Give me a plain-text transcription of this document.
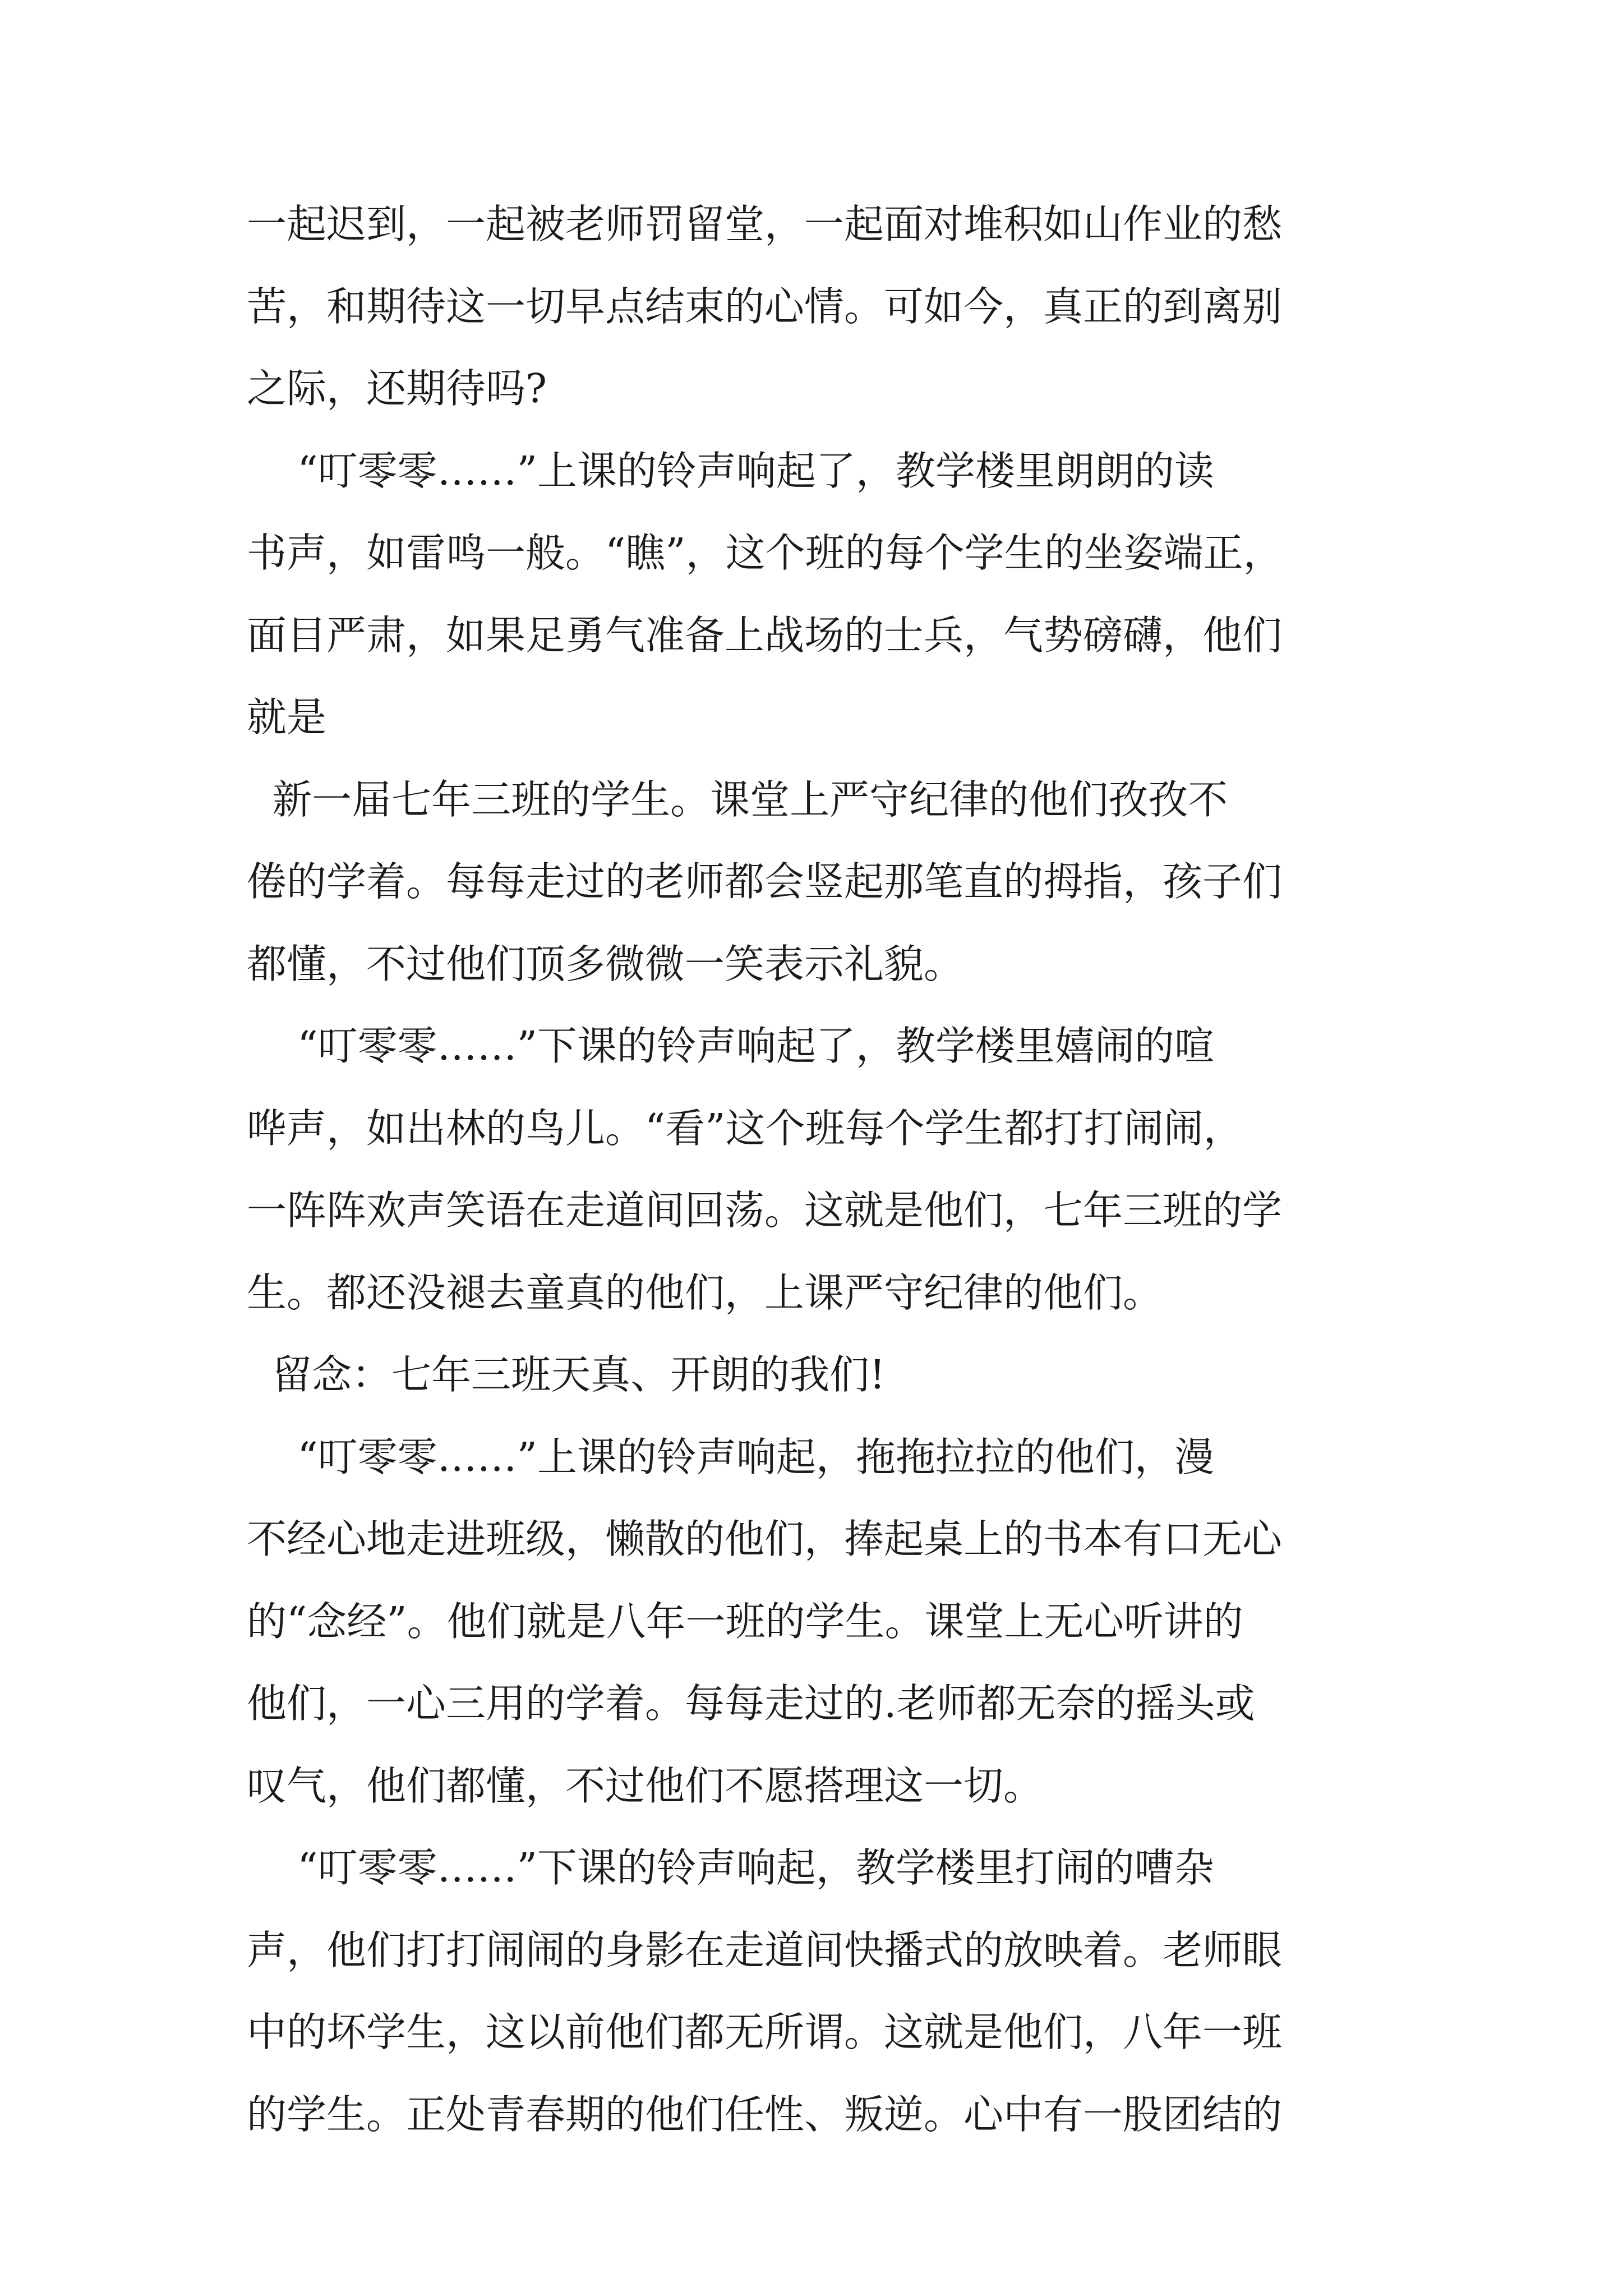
一起迟到，一起被老师罚留堂，一起面对堆积如山作业的愁
苦，和期待这一切早点结束的心情。可如今，真正的到离别
之际，还期待吗?
“叮零零……”上课的铃声响起了，教学楼里朗朗的读
书声，如雷鸣一般。“瞧”，这个班的每个学生的坐姿端正，
面目严肃，如果足勇气准备上战场的士兵，气势磅礴，他们
就是
新一届七年三班的学生。课堂上严守纪律的他们孜孜不
倦的学着。每每走过的老师都会竖起那笔直的拇指，孩子们
都懂，不过他们顶多微微一笑表示礼貌。
“叮零零……”下课的铃声响起了，教学楼里嬉闹的喧
哗声，如出林的鸟儿。“看”这个班每个学生都打打闹闹，
一阵阵欢声笑语在走道间回荡。这就是他们，七年三班的学
生。都还没褪去童真的他们，上课严守纪律的他们。
留念：七年三班天真、开朗的我们!
“叮零零……”上课的铃声响起，拖拖拉拉的他们，漫
不经心地走进班级，懒散的他们，捧起桌上的书本有口无心
的“念经”。他们就是八年一班的学生。课堂上无心听讲的
他们，一心三用的学着。每每走过的.老师都无奈的摇头或
叹气，他们都懂，不过他们不愿搭理这一切。
“叮零零……”下课的铃声响起，教学楼里打闹的嘈杂
声，他们打打闹闹的身影在走道间快播式的放映着。老师眼
中的坏学生，这以前他们都无所谓。这就是他们，八年一班
的学生。正处青春期的他们任性、叛逆。心中有一股团结的
